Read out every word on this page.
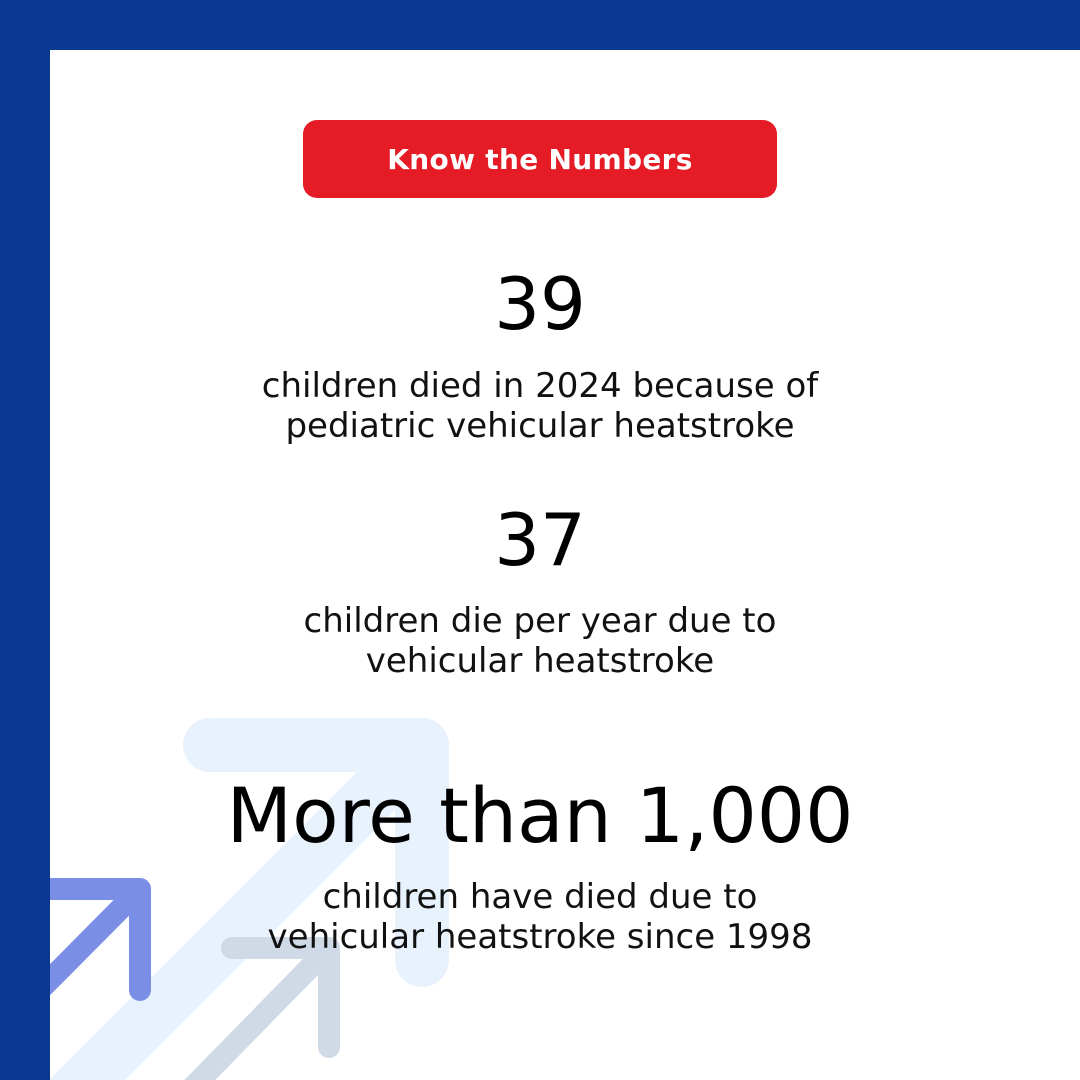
Know the Numbers
39
children died in 2024 because of
pediatric vehicular heatstroke
37
children die per year due to
vehicular heatstroke
More than 1,000
children have died due to
vehicular heatstroke since 1998
